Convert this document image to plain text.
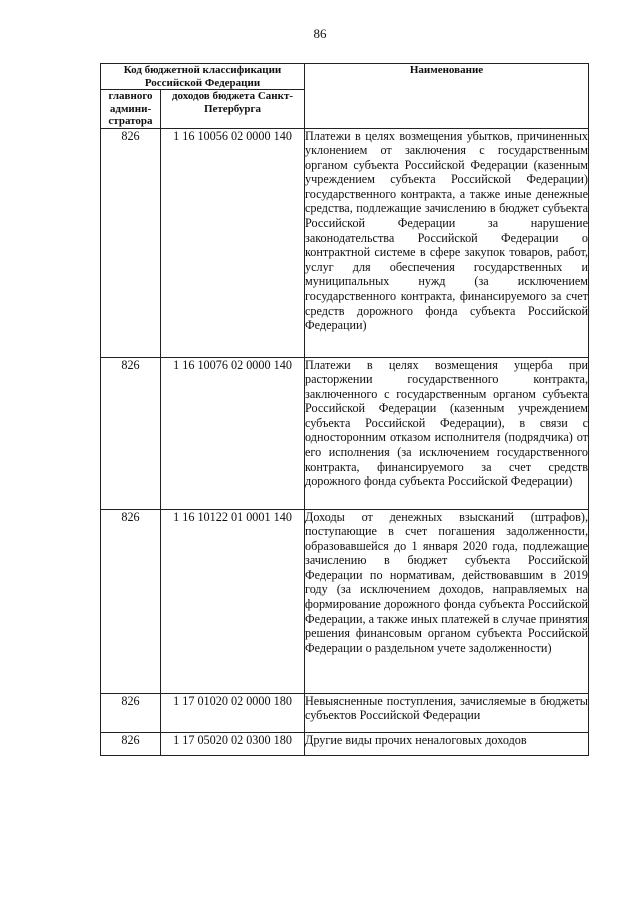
86
Код бюджетной классификации Российской Федерации		Наименование
главного админи-стратора	доходов бюджета Санкт-Петербурга	
826	1 16 10056 02 0000 140	Платежи в целях возмещения убытков, причиненных уклонением от заключения с государственным органом субъекта Российской Федерации (казенным учреждением субъекта Российской Федерации) государственного контракта, а также иные денежные средства, подлежащие зачислению в бюджет субъекта Российской Федерации за нарушение законодательства Российской Федерации о контрактной системе в сфере закупок товаров, работ, услуг для обеспечения государственных и муниципальных нужд (за исключением государственного контракта, финансируемого за счет средств дорожного фонда субъекта Российской Федерации)

826	1 16 10076 02 0000 140	Платежи в целях возмещения ущерба при расторжении государственного контракта, заключенного с государственным органом субъекта Российской Федерации (казенным учреждением субъекта Российской Федерации), в связи с односторонним отказом исполнителя (подрядчика) от его исполнения (за исключением государственного контракта, финансируемого за счет средств дорожного фонда субъекта Российской Федерации)

826	1 16 10122 01 0001 140	Доходы от денежных взысканий (штрафов), поступающие в счет погашения задолженности, образовавшейся до 1 января 2020 года, подлежащие зачислению в бюджет субъекта Российской Федерации по нормативам, действовавшим в 2019 году (за исключением доходов, направляемых на формирование дорожного фонда субъекта Российской Федерации, а также иных платежей в случае принятия решения финансовым органом субъекта Российской Федерации о раздельном учете задолженности)

826	1 17 01020 02 0000 180	Невыясненные поступления, зачисляемые в бюджеты субъектов Российской Федерации

826	1 17 05020 02 0300 180	Другие виды прочих неналоговых доходов
